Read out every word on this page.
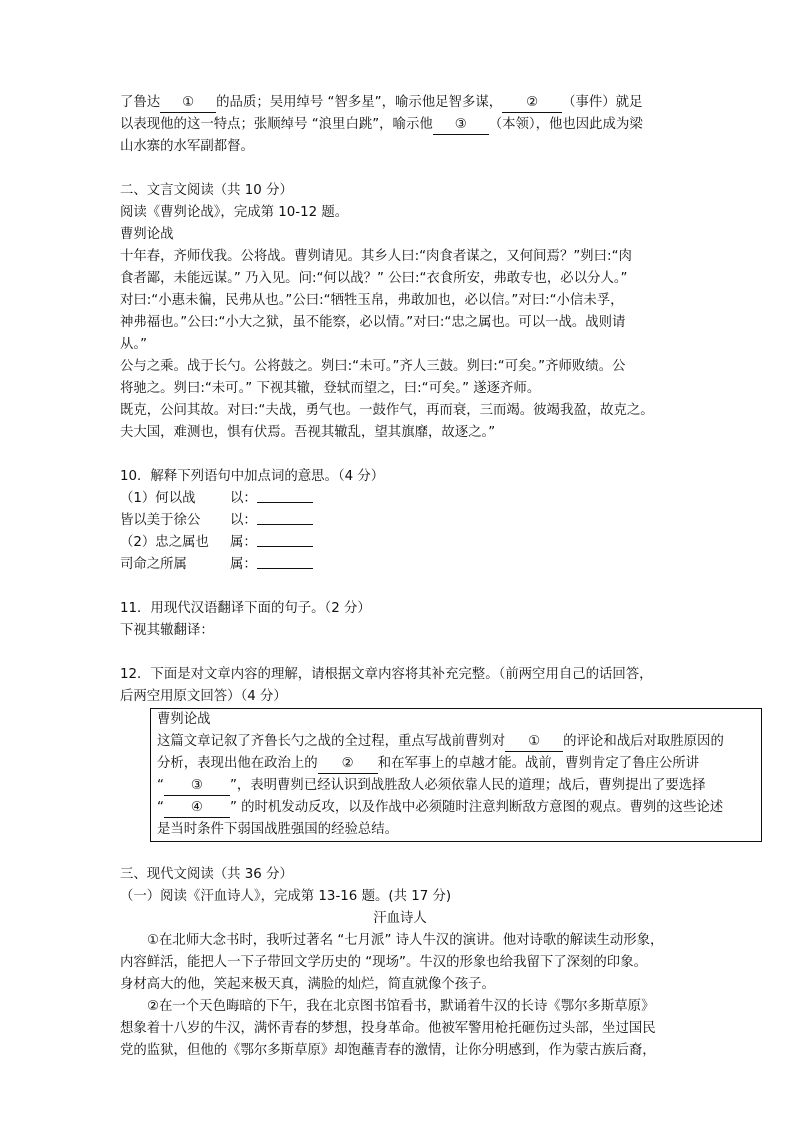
了鲁达 ① 的品质；吴用绰号 “智多星”，喻示他足智多谋， ② （事件）就足
以表现他的这一特点；张顺绰号 “浪里白跳”，喻示他 ③ （本领），他也因此成为梁
山水寨的水军副都督。
二、文言文阅读（共 10 分）
阅读《曹刿论战》，完成第 10-12 题。
曹刿论战
十年春，齐师伐我。公将战。曹刿请见。其乡人曰:“肉食者谋之，又何间焉？”刿曰:“肉
食者鄙，未能远谋。” 乃入见。问:“何以战？” 公曰:“衣食所安，弗敢专也，必以分人。”
对曰:“小惠未徧，民弗从也。”公曰:“牺牲玉帛，弗敢加也，必以信。”对曰:“小信未孚，
神弗福也。”公曰:“小大之狱，虽不能察，必以情。”对曰:“忠之属也。可以一战。战则请
从。”
公与之乘。战于长勺。公将鼓之。刿曰:“未可。”齐人三鼓。刿曰:“可矣。”齐师败绩。公
将驰之。刿曰:“未可。” 下视其辙，登轼而望之，曰:“可矣。” 遂逐齐师。
既克，公问其故。对曰:“夫战，勇气也。一鼓作气，再而衰，三而竭。彼竭我盈，故克之。
夫大国，难测也，惧有伏焉。吾视其辙乱，望其旗靡，故逐之。”
10．解释下列语句中加点词的意思。（4 分）
（1）何以战	以：
皆以美于徐公	以：
（2）忠之属也	属：
司命之所属	属：
11．用现代汉语翻译下面的句子。（2 分）
下视其辙翻译：
12．下面是对文章内容的理解，请根据文章内容将其补充完整。（前两空用自己的话回答，
后两空用原文回答）（4 分）
曹刿论战
这篇文章记叙了齐鲁长勺之战的全过程，重点写战前曹刿对 ① 的评论和战后对取胜原因的
分析，表现出他在政治上的 ② 和在军事上的卓越才能。战前，曹刿肯定了鲁庄公所讲
“ ③ ”，表明曹刿已经认识到战胜敌人必须依靠人民的道理；战后，曹刿提出了要选择
“ ④ ” 的时机发动反攻，以及作战中必须随时注意判断敌方意图的观点。曹刿的这些论述
是当时条件下弱国战胜强国的经验总结。
三、现代文阅读（共 36 分）
（一）阅读《汗血诗人》，完成第 13-16 题。(共 17 分)
汗血诗人
①在北师大念书时，我听过著名 “七月派” 诗人牛汉的演讲。他对诗歌的解读生动形象，
内容鲜活，能把人一下子带回文学历史的 “现场”。牛汉的形象也给我留下了深刻的印象。
身材高大的他，笑起来极天真，满脸的灿烂，简直就像个孩子。
②在一个天色晦暗的下午，我在北京图书馆看书，默诵着牛汉的长诗《鄂尔多斯草原》
想象着十八岁的牛汉，满怀青春的梦想，投身革命。他被军警用枪托砸伤过头部，坐过国民
党的监狱，但他的《鄂尔多斯草原》却饱蘸青春的激情，让你分明感到，作为蒙古族后裔，
